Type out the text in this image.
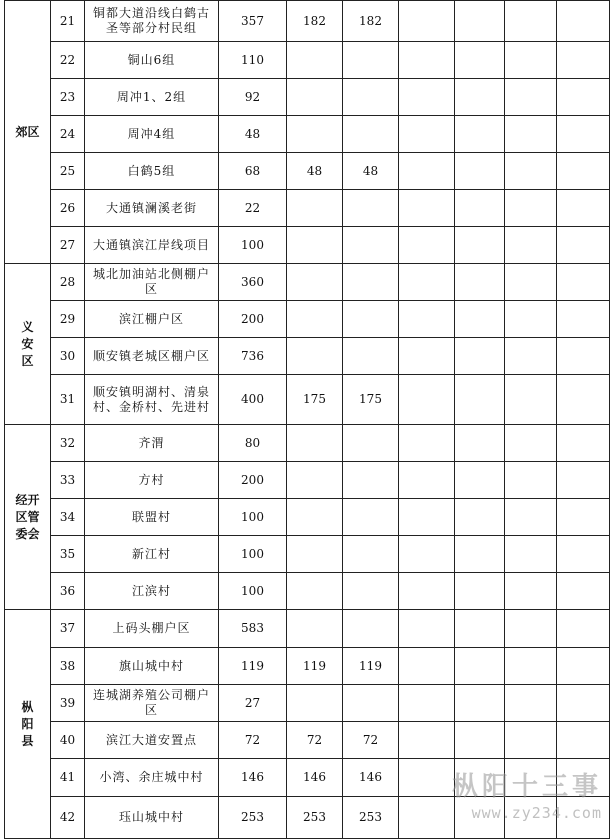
郊区	21	铜都大道沿线白鹤古圣等部分村民组	357	182	182				
	22	铜山6组	110						
	23	周冲1、2组	92						
	24	周冲4组	48						
	25	白鹤5组	68	48	48				
	26	大通镇澜溪老街	22						
	27	大通镇滨江岸线项目	100						
义
安
区	28	城北加油站北侧棚户区	360						
	29	滨江棚户区	200						
	30	顺安镇老城区棚户区	736						
	31	顺安镇明湖村、清泉村、金桥村、先进村	400	175	175				
经开
区管
委会	32	齐渭	80						
	33	方村	200						
	34	联盟村	100						
	35	新江村	100						
	36	江滨村	100						
枞
阳
县	37	上码头棚户区	583						
	38	旗山城中村	119	119	119				
	39	连城湖养殖公司棚户区	27						
	40	滨江大道安置点	72	72	72				
	41	小湾、余庄城中村	146	146	146				
	42	珏山城中村	253	253	253				
枞阳十三事
www.zy234.com
